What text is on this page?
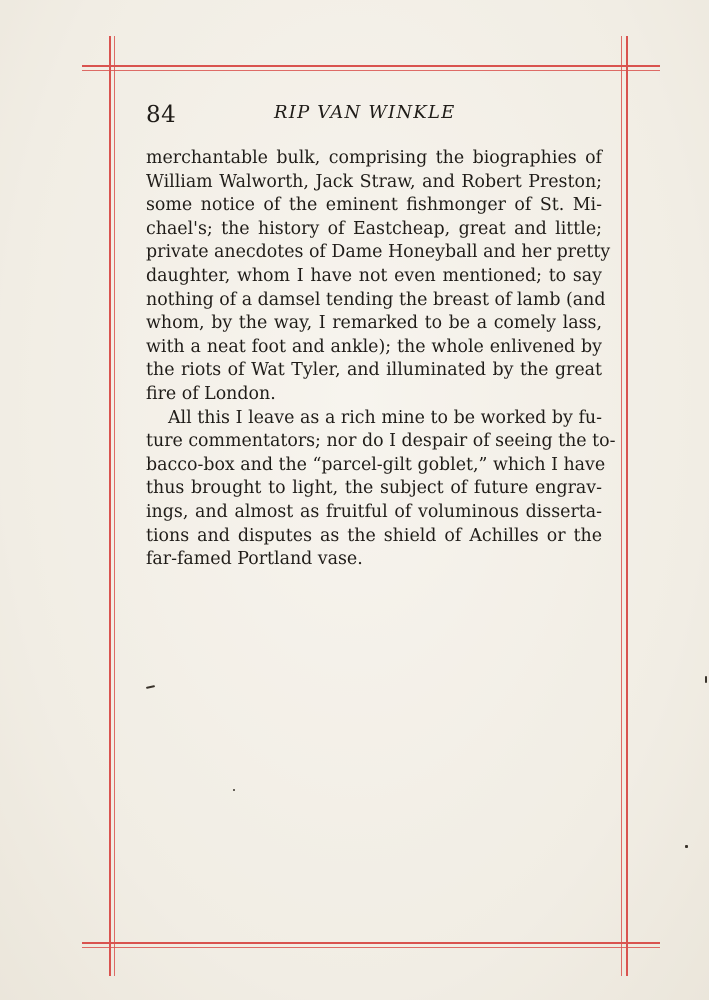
84	RIP VAN WINKLE
merchantable bulk, comprising the biographies of
William Walworth, Jack Straw, and Robert Preston;
some notice of the eminent fishmonger of St. Mi-
chael's; the history of Eastcheap, great and little;
private anecdotes of Dame Honeyball and her pretty
daughter, whom I have not even mentioned; to say
nothing of a damsel tending the breast of lamb (and
whom, by the way, I remarked to be a comely lass,
with a neat foot and ankle); the whole enlivened by
the riots of Wat Tyler, and illuminated by the great
fire of London.
All this I leave as a rich mine to be worked by fu-
ture commentators; nor do I despair of seeing the to-
bacco-box and the “parcel-gilt goblet,” which I have
thus brought to light, the subject of future engrav-
ings, and almost as fruitful of voluminous disserta-
tions and disputes as the shield of Achilles or the
far-famed Portland vase.
